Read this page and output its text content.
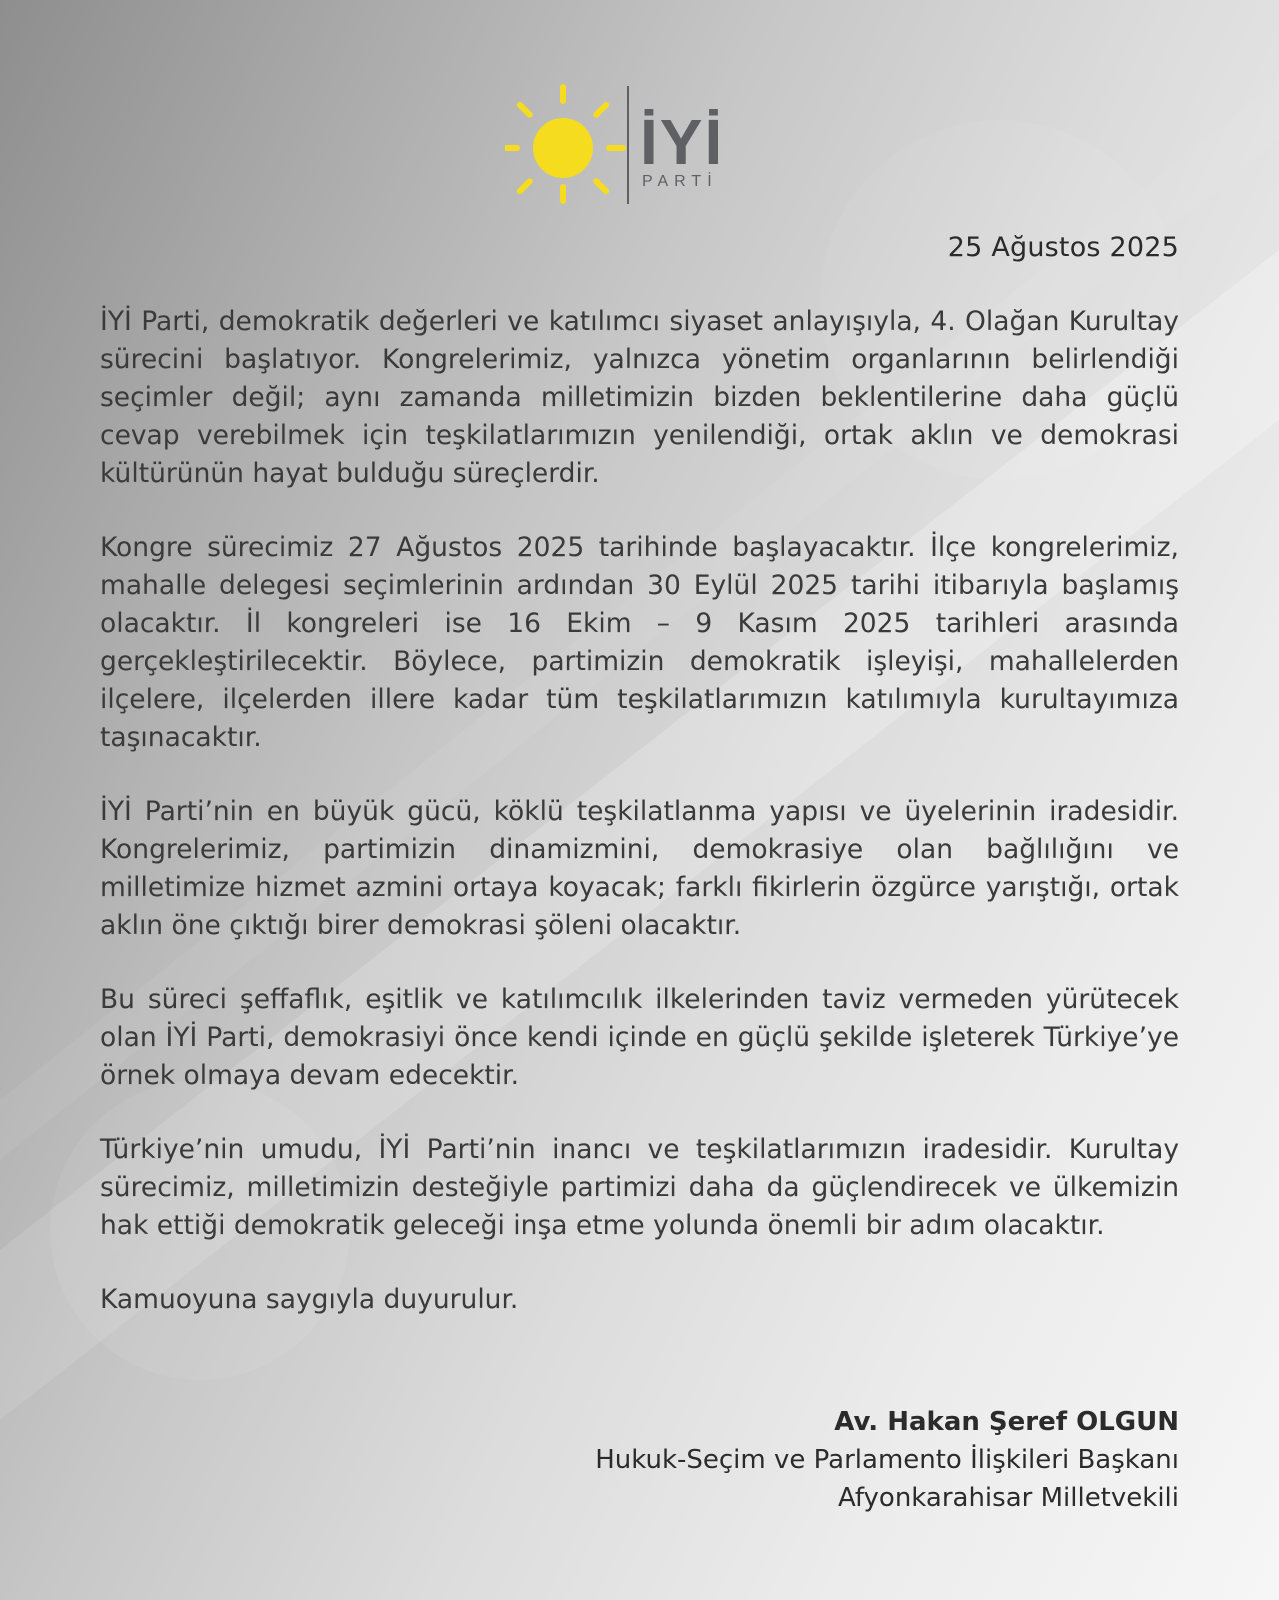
İYİ
PARTİ
25 Ağustos 2025

İYİ Parti, demokratik değerleri ve katılımcı siyaset anlayışıyla, 4. Olağan Kurultay sürecini başlatıyor. Kongrelerimiz, yalnızca yönetim organlarının belirlendiği seçimler değil; aynı zamanda milletimizin bizden beklentilerine daha güçlü cevap verebilmek için teşkilatlarımızın yenilendiği, ortak aklın ve demokrasi kültürünün hayat bulduğu süreçlerdir.

Kongre sürecimiz 27 Ağustos 2025 tarihinde başlayacaktır. İlçe kongrelerimiz, mahalle delegesi seçimlerinin ardından 30 Eylül 2025 tarihi itibarıyla başlamış olacaktır. İl kongreleri ise 16 Ekim – 9 Kasım 2025 tarihleri arasında gerçekleştirilecektir. Böylece, partimizin demokratik işleyişi, mahallelerden ilçelere, ilçelerden illere kadar tüm teşkilatlarımızın katılımıyla kurultayımıza taşınacaktır.

İYİ Parti’nin en büyük gücü, köklü teşkilatlanma yapısı ve üyelerinin iradesidir. Kongrelerimiz, partimizin dinamizmini, demokrasiye olan bağlılığını ve milletimize hizmet azmini ortaya koyacak; farklı fikirlerin özgürce yarıştığı, ortak aklın öne çıktığı birer demokrasi şöleni olacaktır.

Bu süreci şeffaflık, eşitlik ve katılımcılık ilkelerinden taviz vermeden yürütecek olan İYİ Parti, demokrasiyi önce kendi içinde en güçlü şekilde işleterek Türkiye’ye örnek olmaya devam edecektir.

Türkiye’nin umudu, İYİ Parti’nin inancı ve teşkilatlarımızın iradesidir. Kurultay sürecimiz, milletimizin desteğiyle partimizi daha da güçlendirecek ve ülkemizin hak ettiği demokratik geleceği inşa etme yolunda önemli bir adım olacaktır.

Kamuoyuna saygıyla duyurulur.

Av. Hakan Şeref OLGUN
Hukuk-Seçim ve Parlamento İlişkileri Başkanı
Afyonkarahisar Milletvekili
